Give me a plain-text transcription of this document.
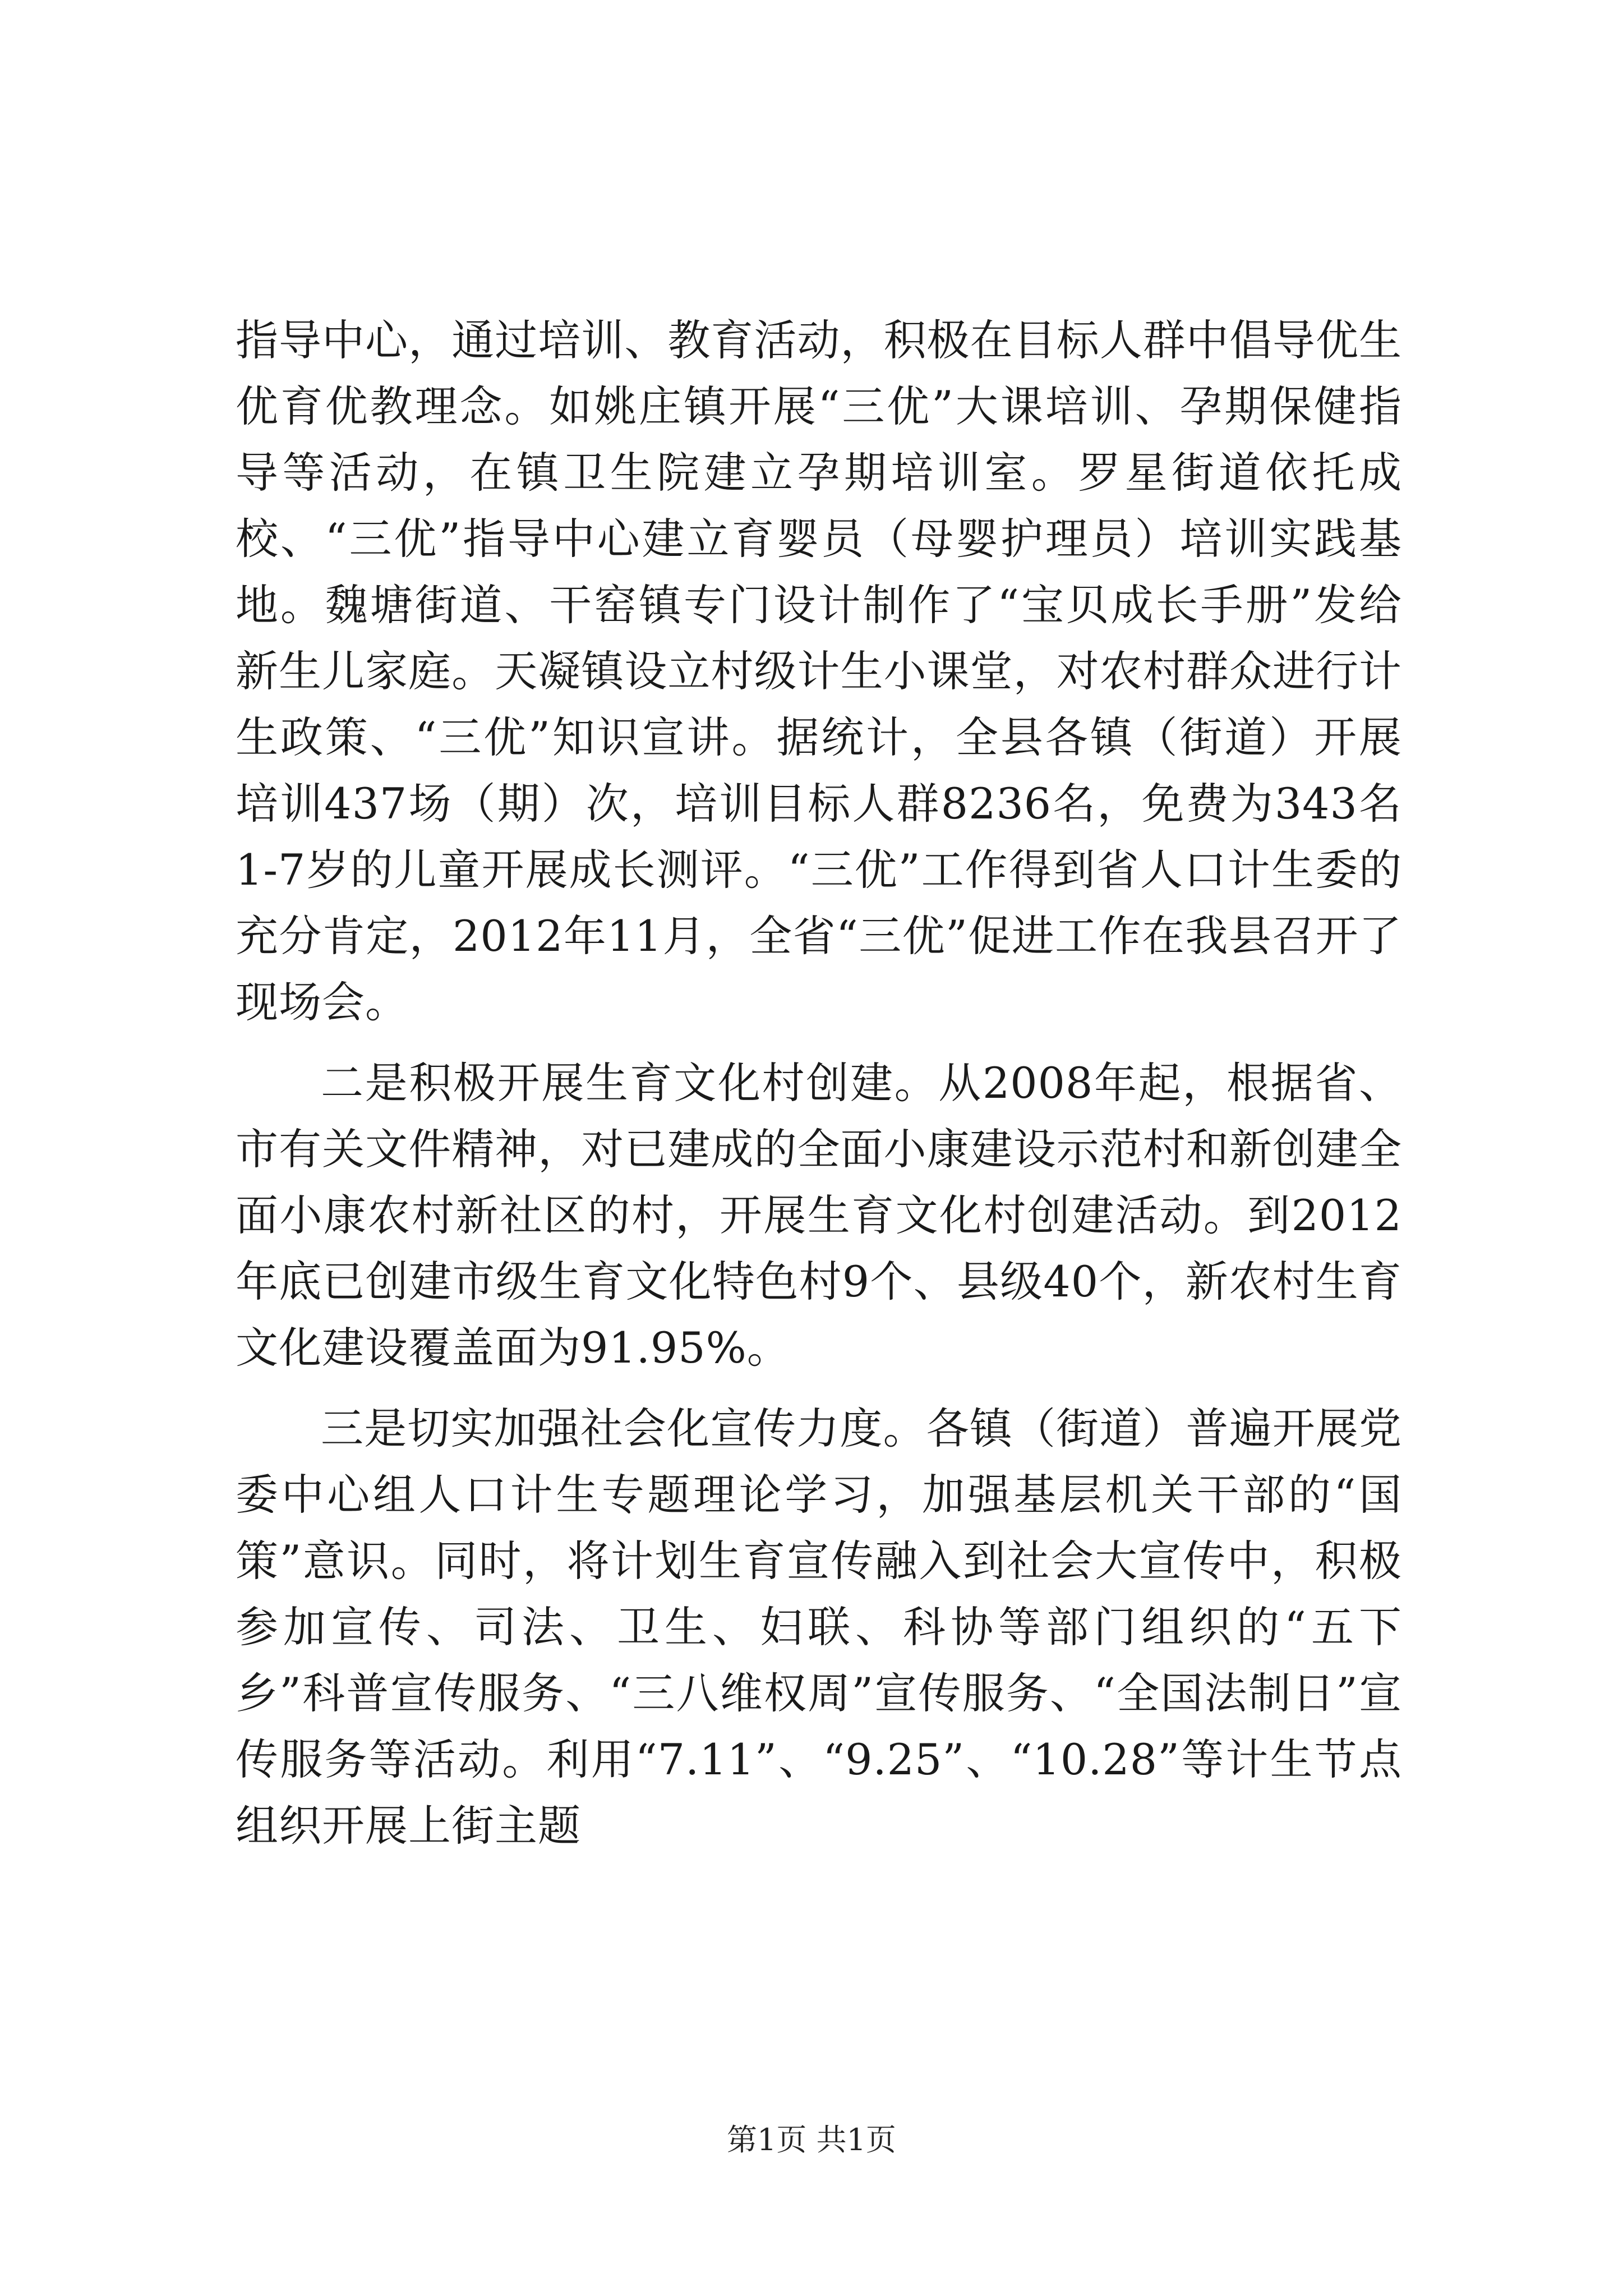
指导中心，通过培训、教育活动，积极在目标人群中倡导优生优育优教理念。如姚庄镇开展“三优”大课培训、孕期保健指导等活动，在镇卫生院建立孕期培训室。罗星街道依托成校、“三优”指导中心建立育婴员（母婴护理员）培训实践基地。魏塘街道、干窑镇专门设计制作了“宝贝成长手册”发给新生儿家庭。天凝镇设立村级计生小课堂，对农村群众进行计生政策、“三优”知识宣讲。据统计，全县各镇（街道）开展培训437场（期）次，培训目标人群8236名，免费为343名1-7岁的儿童开展成长测评。“三优”工作得到省人口计生委的充分肯定，2012年11月，全省“三优”促进工作在我县召开了现场会。

二是积极开展生育文化村创建。从2008年起，根据省、市有关文件精神，对已建成的全面小康建设示范村和新创建全面小康农村新社区的村，开展生育文化村创建活动。到2012年底已创建市级生育文化特色村9个、县级40个，新农村生育文化建设覆盖面为91.95%。

三是切实加强社会化宣传力度。各镇（街道）普遍开展党委中心组人口计生专题理论学习，加强基层机关干部的“国策”意识。同时，将计划生育宣传融入到社会大宣传中，积极参加宣传、司法、卫生、妇联、科协等部门组织的“五下乡”科普宣传服务、“三八维权周”宣传服务、“全国法制日”宣传服务等活动。利用“7.11”、“9.25”、“10.28”等计生节点组织开展上街主题

第1页 共1页
